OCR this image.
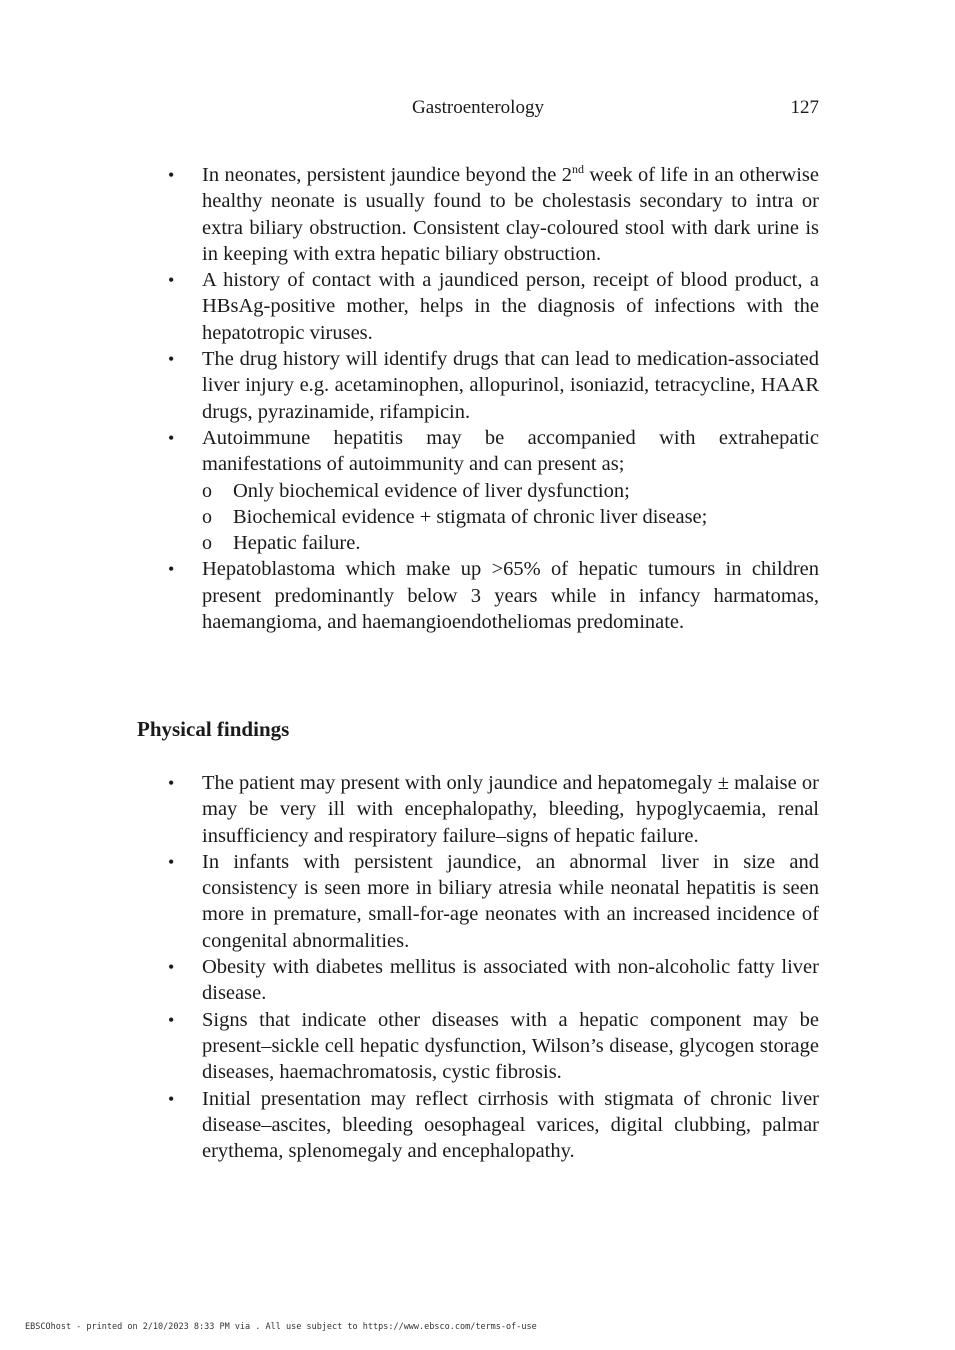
Gastroenterology	127
•	In neonates, persistent jaundice beyond the 2nd week of life in an otherwise healthy neonate is usually found to be cholestasis secondary to intra or extra biliary obstruction. Consistent clay-coloured stool with dark urine is in keeping with extra hepatic biliary obstruction.
•	A history of contact with a jaundiced person, receipt of blood product, a HBsAg-positive mother, helps in the diagnosis of infections with the hepatotropic viruses.
•	The drug history will identify drugs that can lead to medication-associated liver injury e.g. acetaminophen, allopurinol, isoniazid, tetracycline, HAAR drugs, pyrazinamide, rifampicin.
•	Autoimmune hepatitis may be accompanied with extrahepatic manifestations of autoimmunity and can present as;
o Only biochemical evidence of liver dysfunction;
o Biochemical evidence + stigmata of chronic liver disease;
o Hepatic failure.
•	Hepatoblastoma which make up >65% of hepatic tumours in children present predominantly below 3 years while in infancy harmatomas, haemangioma, and haemangioendotheliomas predominate.
Physical findings
•	The patient may present with only jaundice and hepatomegaly ± malaise or may be very ill with encephalopathy, bleeding, hypoglycaemia, renal insufficiency and respiratory failure–signs of hepatic failure.
•	In infants with persistent jaundice, an abnormal liver in size and consistency is seen more in biliary atresia while neonatal hepatitis is seen more in premature, small-for-age neonates with an increased incidence of congenital abnormalities.
•	Obesity with diabetes mellitus is associated with non-alcoholic fatty liver disease.
•	Signs that indicate other diseases with a hepatic component may be present–sickle cell hepatic dysfunction, Wilson’s disease, glycogen storage diseases, haemachromatosis, cystic fibrosis.
•	Initial presentation may reflect cirrhosis with stigmata of chronic liver disease–ascites, bleeding oesophageal varices, digital clubbing, palmar erythema, splenomegaly and encephalopathy.
EBSCOhost - printed on 2/10/2023 8:33 PM via . All use subject to https://www.ebsco.com/terms-of-use
